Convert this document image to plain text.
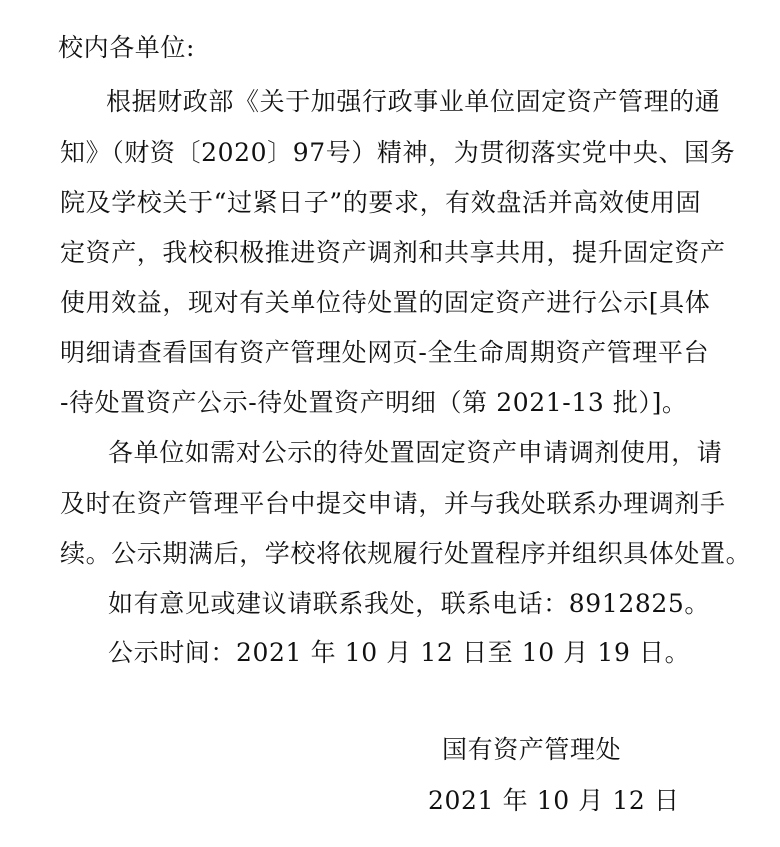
校内各单位:
根据财政部《关于加强行政事业单位固定资产管理的通
知》（财资〔2020〕97号）精神，为贯彻落实党中央、国务
院及学校关于“过紧日子”的要求，有效盘活并高效使用固
定资产，我校积极推进资产调剂和共享共用，提升固定资产
使用效益，现对有关单位待处置的固定资产进行公示[具体
明细请查看国有资产管理处网页-全生命周期资产管理平台
-待处置资产公示-待处置资产明细（第 2021-13 批）]。
各单位如需对公示的待处置固定资产申请调剂使用，请
及时在资产管理平台中提交申请，并与我处联系办理调剂手
续。公示期满后，学校将依规履行处置程序并组织具体处置。
如有意见或建议请联系我处，联系电话：8912825。
公示时间：2021 年 10 月 12 日至 10 月 19 日。
国有资产管理处
2021 年 10 月 12 日
